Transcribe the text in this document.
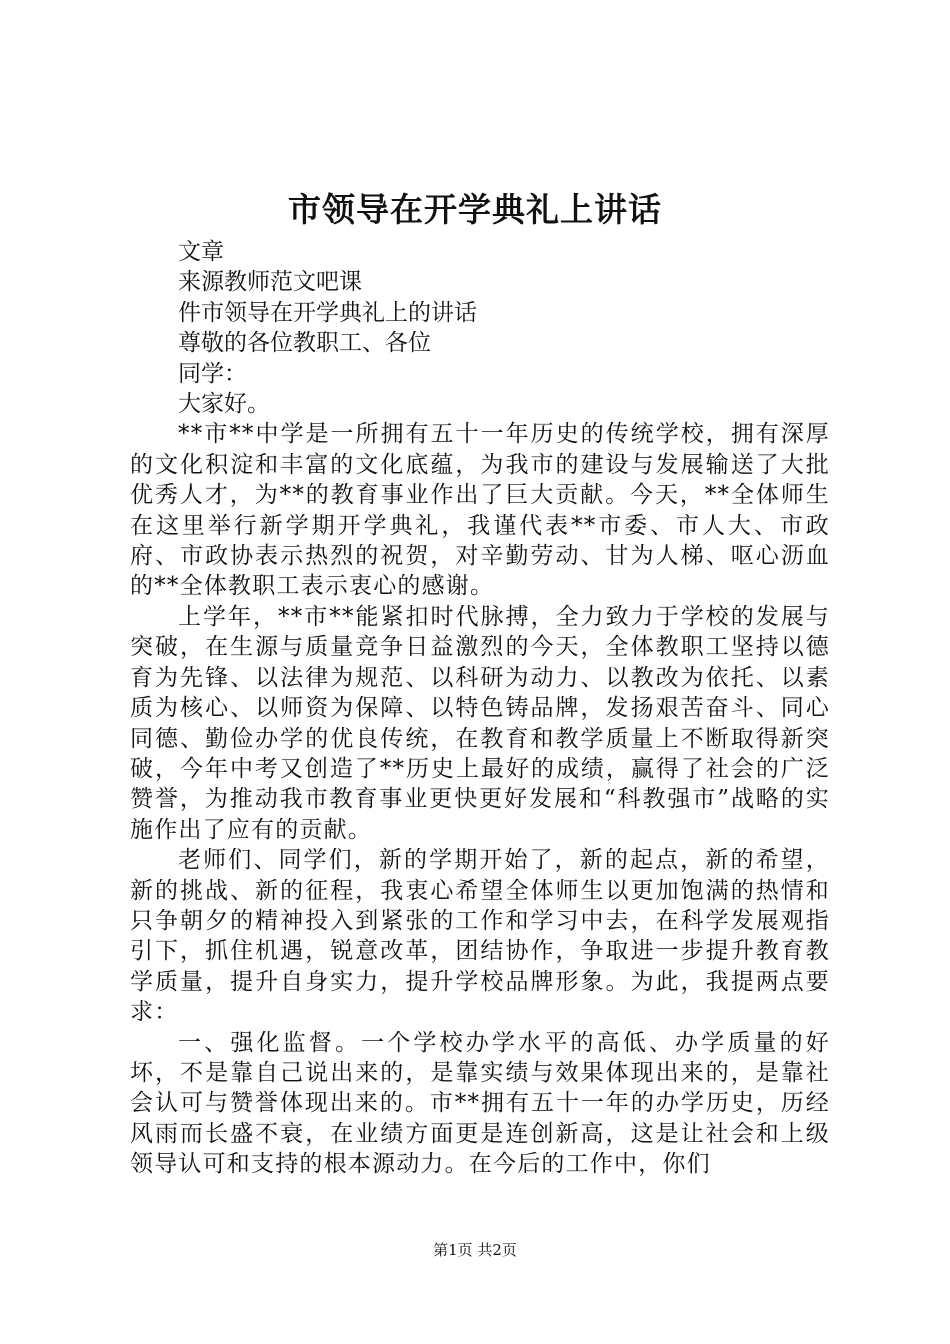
市领导在开学典礼上讲话

文章

来源教师范文吧课

件市领导在开学典礼上的讲话

尊敬的各位教职工、各位

同学：

大家好。

**市**中学是一所拥有五十一年历史的传统学校，拥有深厚的文化积淀和丰富的文化底蕴，为我市的建设与发展输送了大批优秀人才，为**的教育事业作出了巨大贡献。今天，**全体师生在这里举行新学期开学典礼，我谨代表**市委、市人大、市政府、市政协表示热烈的祝贺，对辛勤劳动、甘为人梯、呕心沥血的**全体教职工表示衷心的感谢。

上学年，**市**能紧扣时代脉搏，全力致力于学校的发展与突破，在生源与质量竞争日益激烈的今天，全体教职工坚持以德育为先锋、以法律为规范、以科研为动力、以教改为依托、以素质为核心、以师资为保障、以特色铸品牌，发扬艰苦奋斗、同心同德、勤俭办学的优良传统，在教育和教学质量上不断取得新突破，今年中考又创造了**历史上最好的成绩，赢得了社会的广泛赞誉，为推动我市教育事业更快更好发展和“科教强市”战略的实施作出了应有的贡献。

老师们、同学们，新的学期开始了，新的起点，新的希望，新的挑战、新的征程，我衷心希望全体师生以更加饱满的热情和只争朝夕的精神投入到紧张的工作和学习中去，在科学发展观指引下，抓住机遇，锐意改革，团结协作，争取进一步提升教育教学质量，提升自身实力，提升学校品牌形象。为此，我提两点要求：

一、强化监督。一个学校办学水平的高低、办学质量的好坏，不是靠自己说出来的，是靠实绩与效果体现出来的，是靠社会认可与赞誉体现出来的。市**拥有五十一年的办学历史，历经风雨而长盛不衰，在业绩方面更是连创新高，这是让社会和上级领导认可和支持的根本源动力。在今后的工作中，你们

第1页 共2页
